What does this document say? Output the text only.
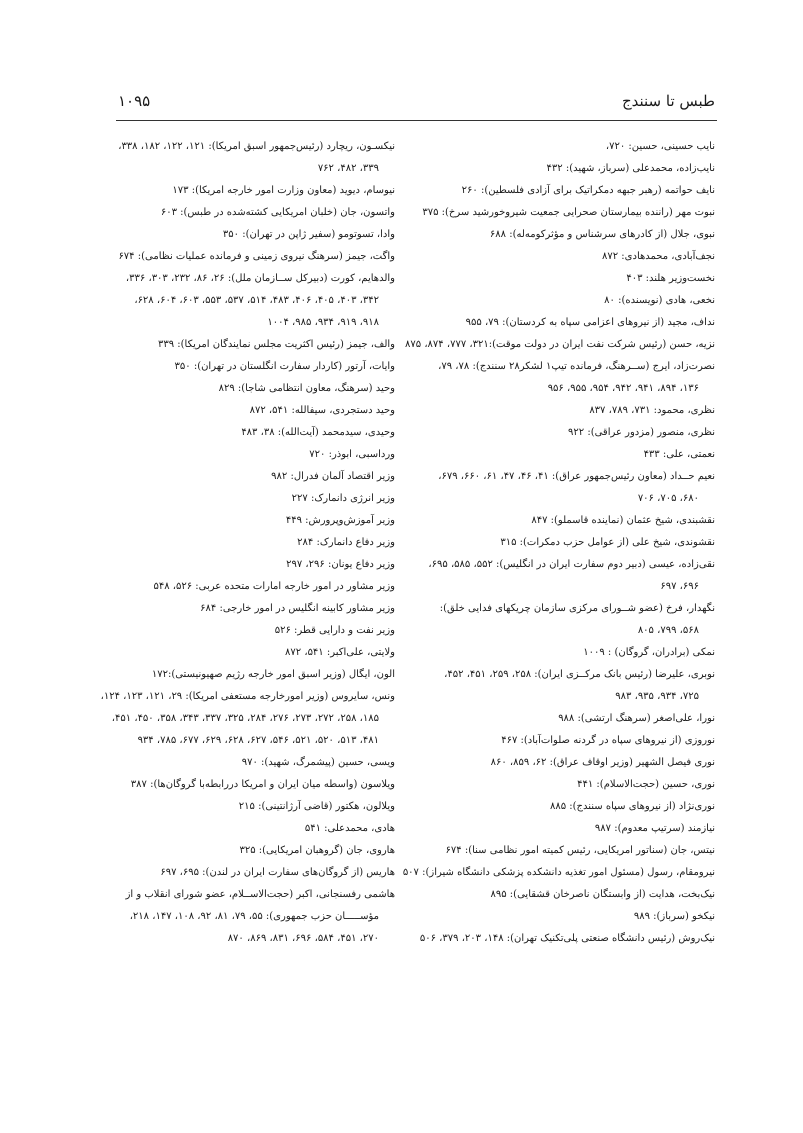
طبس تا سنندج
۱۰۹۵
نایب حسینی، حسین: ۷۲۰،
نایب‌زاده، محمدعلی (سرباز، شهید): ۴۳۲
نایف حواتمه (رهبر جبهه دمکراتیک برای آزادی فلسطین): ۲۶۰
نبوت مهر (راننده بیمارستان صحرایی جمعیت شیروخورشید سرخ): ۳۷۵
نبوی، جلال (از کادرهای سرشناس و مؤثرکومه‌له): ۶۸۸
نجف‌آبادی، محمدهادی: ۸۷۲
نخست‌وزیر هلند: ۴۰۳
نخعی، هادی (نویسنده): ۸۰
نداف، مجید (از نیروهای اعزامی سپاه به کردستان): ۷۹، ۹۵۵
نزیه، حسن (رئیس شرکت نفت ایران در دولت موقت):۳۲۱، ۷۷۷، ۸۷۴، ۸۷۵
نصرت‌زاد، ایرج (ســرهنگ، فرمانده تیپ۱ لشکر۲۸ سنندج): ۷۸، ۷۹،
۱۳۶، ۸۹۴، ۹۴۱، ۹۴۲، ۹۵۴، ۹۵۵، ۹۵۶
نظری، محمود: ۷۳۱، ۷۸۹، ۸۳۷
نظری، منصور (مزدور عراقی): ۹۲۲
نعمتی، علی: ۴۳۳
نعیم حــداد (معاون رئیس‌جمهور عراق): ۴۱، ۴۶، ۴۷، ۶۱، ۶۶۰، ۶۷۹،
۶۸۰، ۷۰۵، ۷۰۶
نقشبندی، شیخ عثمان (نماینده قاسملو): ۸۴۷
نقشوندی، شیخ علی (از عوامل حزب دمکرات): ۳۱۵
نقی‌زاده، عیسی (دبیر دوم سفارت ایران در انگلیس): ۵۵۲، ۵۸۵، ۶۹۵،
۶۹۶، ۶۹۷
نگهدار، فرخ (عضو شــورای مرکزی سازمان چریکهای فدایی خلق):
۵۶۸، ۷۹۹، ۸۰۵
نمکی (برادران، گروگان) : ۱۰۰۹
نوبری، علیرضا (رئیس بانک مرکــزی ایران): ۲۵۸، ۲۵۹، ۴۵۱، ۴۵۲،
۷۲۵، ۹۳۴، ۹۳۵، ۹۸۳
نورا، علی‌اصغر (سرهنگ ارتشی): ۹۸۸
نوروزی (از نیروهای سپاه در گردنه صلوات‌آباد): ۴۶۷
نوری فیصل الشهیر (وزیر اوقاف عراق): ۶۲، ۸۵۹، ۸۶۰
نوری، حسین (حجت‌الاسلام): ۴۴۱
نوری‌نژاد (از نیروهای سپاه سنندج): ۸۸۵
نیازمند (سرتیپ معدوم): ۹۸۷
نیتس، جان (سناتور امریکایی، رئیس کمیته امور نظامی سنا): ۶۷۴
نیرومقام، رسول (مسئول امور تغذیه دانشکده پزشکی دانشگاه شیراز): ۵۰۷
نیک‌بخت، هدایت (از وابستگان ناصرخان قشقایی): ۸۹۵
نیکخو (سرباز): ۹۸۹
نیک‌روش (رئیس دانشگاه صنعتی پلی‌تکنیک تهران): ۱۴۸، ۲۰۳، ۳۷۹، ۵۰۶
نیکسـون، ریچارد (رئیس‌جمهور اسبق امریکا): ۱۲۱، ۱۲۲، ۱۸۲، ۳۳۸،
۳۳۹، ۴۸۲، ۷۶۲
نیوسام، دیوید (معاون وزارت امور خارجه امریکا): ۱۷۳
واتسون، جان (خلبان امریکایی کشته‌شده در طبس): ۶۰۳
وادا، تسوتومو (سفیر ژاپن در تهران): ۳۵۰
واگت، جیمز (سرهنگ نیروی زمینی و فرمانده عملیات نظامی): ۶۷۴
والدهایم، کورت (دبیرکل ســازمان ملل): ۲۶، ۸۶، ۲۳۲، ۳۰۳، ۳۳۶،
۳۴۲، ۴۰۳، ۴۰۵، ۴۰۶، ۴۸۳، ۵۱۴، ۵۳۷، ۵۵۳، ۶۰۳، ۶۰۴، ۶۲۸،
۹۱۸، ۹۱۹، ۹۳۴، ۹۸۵، ۱۰۰۴
والف، جیمز (رئیس اکثریت مجلس نمایندگان امریکا): ۳۳۹
وایات، آرتور (کاردار سفارت انگلستان در تهران): ۳۵۰
وحید (سرهنگ، معاون انتظامی شاجا): ۸۲۹
وحید دستجردی، سیفالله: ۵۴۱، ۸۷۲
وحیدی، سیدمحمد (آیت‌الله): ۳۸، ۴۸۳
ورداسبی، ابوذر: ۷۲۰
وزیر اقتصاد آلمان فدرال: ۹۸۲
وزیر انرژی دانمارک: ۲۲۷
وزیر آموزش‌وپرورش: ۴۴۹
وزیر دفاع دانمارک: ۲۸۴
وزیر دفاع یونان: ۲۹۶، ۲۹۷
وزیر مشاور در امور خارجه امارات متحده عربی: ۵۲۶، ۵۴۸
وزیر مشاور کابینه انگلیس در امور خارجی: ۶۸۴
وزیر نفت و دارایی قطر: ۵۲۶
ولایتی، علی‌اکبر: ۵۴۱، ۸۷۲
الون، ایگال (وزیر اسبق امور خارجه رژیم صهیونیستی):۱۷۲
ونس، سایروس (وزیر امورخارجه مستعفی امریکا): ۲۹، ۱۲۱، ۱۲۳، ۱۲۴،
۱۸۵، ۲۵۸، ۲۷۲، ۲۷۳، ۲۷۶، ۲۸۴، ۳۲۵، ۳۳۷، ۳۴۳، ۳۵۸، ۴۵۰، ۴۵۱،
۴۸۱، ۵۱۳، ۵۲۰، ۵۲۱، ۵۴۶، ۶۲۷، ۶۲۸، ۶۲۹، ۶۷۷، ۷۸۵، ۹۳۴
ویسی، حسین (پیشمرگ، شهید): ۹۷۰
ویلاسون (واسطه میان ایران و امریکا دررابطه‌با گروگان‌ها): ۳۸۷
ویلالون، هکتور (قاضی آرژانتینی): ۲۱۵
هادی، محمدعلی: ۵۴۱
هاروی، جان (گروهبان امریکایی): ۳۲۵
هاریس (از گروگان‌های سفارت ایران در لندن): ۶۹۵، ۶۹۷
هاشمی رفسنجانی، اکبر (حجت‌الاســلام، عضو شورای انقلاب و از
مؤســـــان حزب جمهوری): ۵۵، ۷۹، ۸۱، ۹۲، ۱۰۸، ۱۴۷، ۲۱۸،
۲۷۰، ۴۵۱، ۵۸۴، ۶۹۶، ۸۳۱، ۸۶۹، ۸۷۰
